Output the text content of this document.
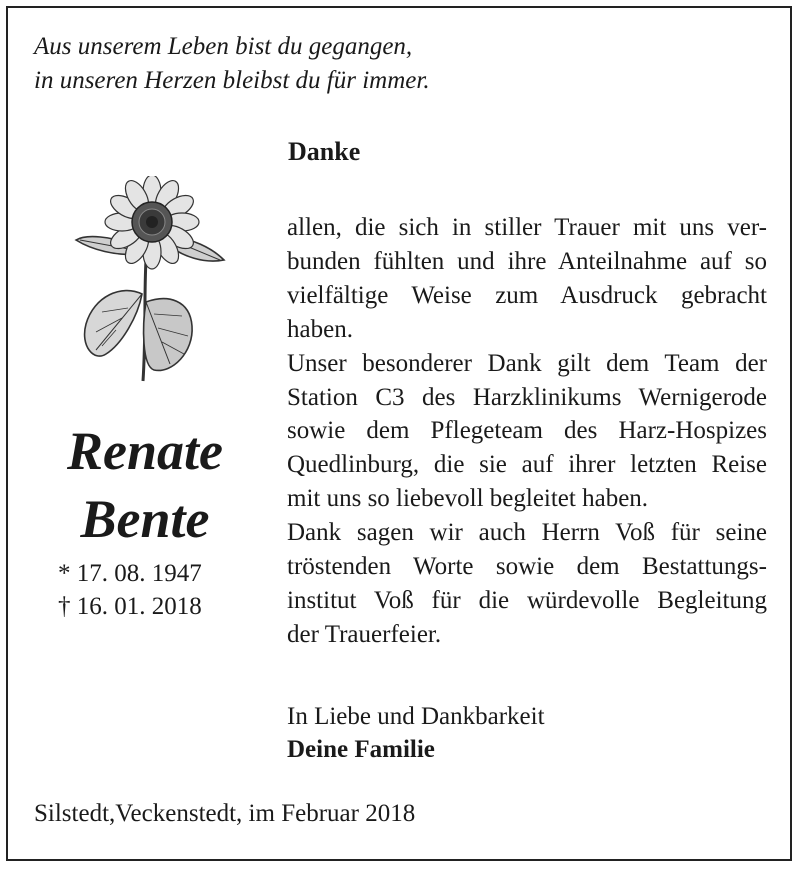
Aus unserem Leben bist du gegangen,
in unseren Herzen bleibst du für immer.
Renate
Bente
* 17. 08. 1947
† 16. 01. 2018
Danke
allen, die sich in stiller Trauer mit uns ver-
bunden fühlten und ihre Anteilnahme auf so
vielfältige Weise zum Ausdruck gebracht
haben.
Unser besonderer Dank gilt dem Team der
Station C3 des Harzklinikums Wernigerode
sowie dem Pflegeteam des Harz-Hospizes
Quedlinburg, die sie auf ihrer letzten Reise
mit uns so liebevoll begleitet haben.
Dank sagen wir auch Herrn Voß für seine
tröstenden Worte sowie dem Bestattungs-
institut Voß für die würdevolle Begleitung
der Trauerfeier.
In Liebe und Dankbarkeit
Deine Familie
Silstedt,Veckenstedt, im Februar 2018
